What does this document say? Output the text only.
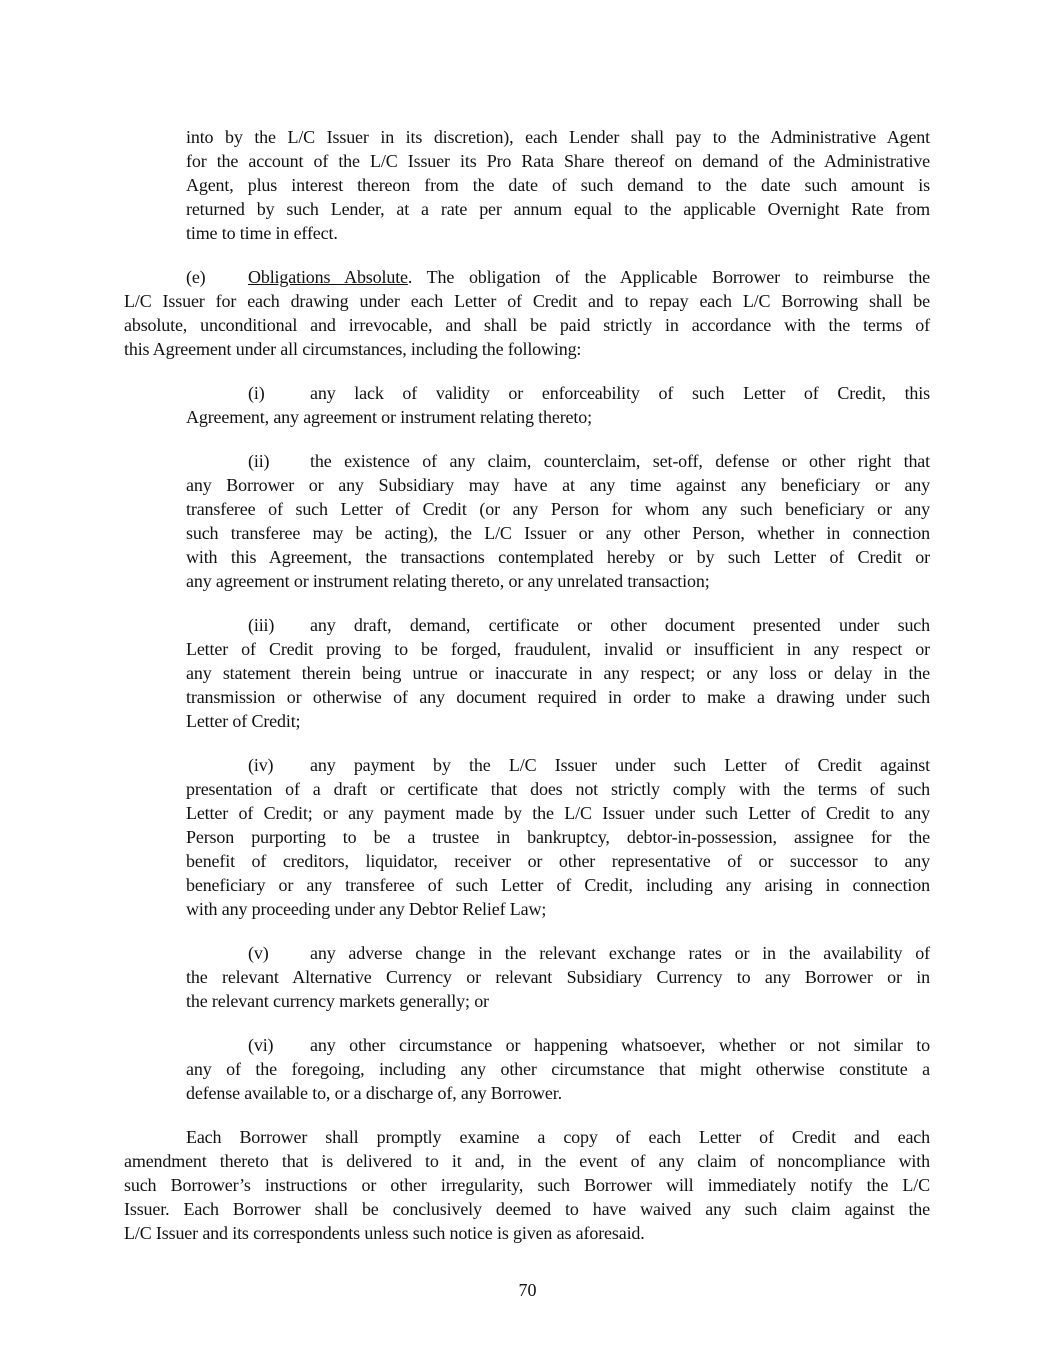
into by the L/C Issuer in its discretion), each Lender shall pay to the Administrative Agent
for the account of the L/C Issuer its Pro Rata Share thereof on demand of the Administrative
Agent, plus interest thereon from the date of such demand to the date such amount is
returned by such Lender, at a rate per annum equal to the applicable Overnight Rate from
time to time in effect.
(e) Obligations Absolute. The obligation of the Applicable Borrower to reimburse the
L/C Issuer for each drawing under each Letter of Credit and to repay each L/C Borrowing shall be
absolute, unconditional and irrevocable, and shall be paid strictly in accordance with the terms of
this Agreement under all circumstances, including the following:
(i)	any lack of validity or enforceability of such Letter of Credit, this
Agreement, any agreement or instrument relating thereto;
(ii) the existence of any claim, counterclaim, set-off, defense or other right that
any Borrower or any Subsidiary may have at any time against any beneficiary or any
transferee of such Letter of Credit (or any Person for whom any such beneficiary or any
such transferee may be acting), the L/C Issuer or any other Person, whether in connection
with this Agreement, the transactions contemplated hereby or by such Letter of Credit or
any agreement or instrument relating thereto, or any unrelated transaction;
(iii) any draft, demand, certificate or other document presented under such
Letter of Credit proving to be forged, fraudulent, invalid or insufficient in any respect or
any statement therein being untrue or inaccurate in any respect; or any loss or delay in the
transmission or otherwise of any document required in order to make a drawing under such
Letter of Credit;
(iv) any payment by the L/C Issuer under such Letter of Credit against
presentation of a draft or certificate that does not strictly comply with the terms of such
Letter of Credit; or any payment made by the L/C Issuer under such Letter of Credit to any
Person purporting to be a trustee in bankruptcy, debtor-in-possession, assignee for the
benefit of creditors, liquidator, receiver or other representative of or successor to any
beneficiary or any transferee of such Letter of Credit, including any arising in connection
with any proceeding under any Debtor Relief Law;
(v) any adverse change in the relevant exchange rates or in the availability of
the relevant Alternative Currency or relevant Subsidiary Currency to any Borrower or in
the relevant currency markets generally; or
(vi) any other circumstance or happening whatsoever, whether or not similar to
any of the foregoing, including any other circumstance that might otherwise constitute a
defense available to, or a discharge of, any Borrower.
Each Borrower shall promptly examine a copy of each Letter of Credit and each
amendment thereto that is delivered to it and, in the event of any claim of noncompliance with
such Borrower’s instructions or other irregularity, such Borrower will immediately notify the L/C
Issuer. Each Borrower shall be conclusively deemed to have waived any such claim against the
L/C Issuer and its correspondents unless such notice is given as aforesaid.
70
